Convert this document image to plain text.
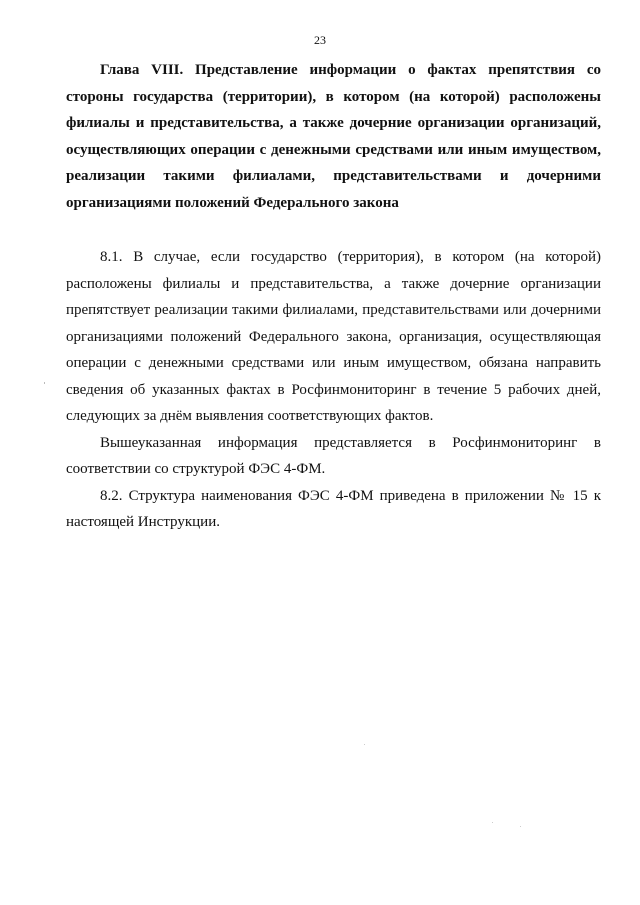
23

Глава VIII. Представление информации о фактах препятствия со стороны государства (территории), в котором (на которой) расположены филиалы и представительства, а также дочерние организации организаций, осуществляющих операции с денежными средствами или иным имуществом, реализации такими филиалами, представительствами и дочерними организациями положений Федерального закона

8.1. В случае, если государство (территория), в котором (на которой) расположены филиалы и представительства, а также дочерние организации препятствует реализации такими филиалами, представительствами или дочерними организациями положений Федерального закона, организация, осуществляющая операции с денежными средствами или иным имуществом, обязана направить сведения об указанных фактах в Росфинмониторинг в течение 5 рабочих дней, следующих за днём выявления соответствующих фактов.

Вышеуказанная информация представляется в Росфинмониторинг в соответствии со структурой ФЭС 4-ФМ.

8.2. Структура наименования ФЭС 4-ФМ приведена в приложении № 15 к настоящей Инструкции.
